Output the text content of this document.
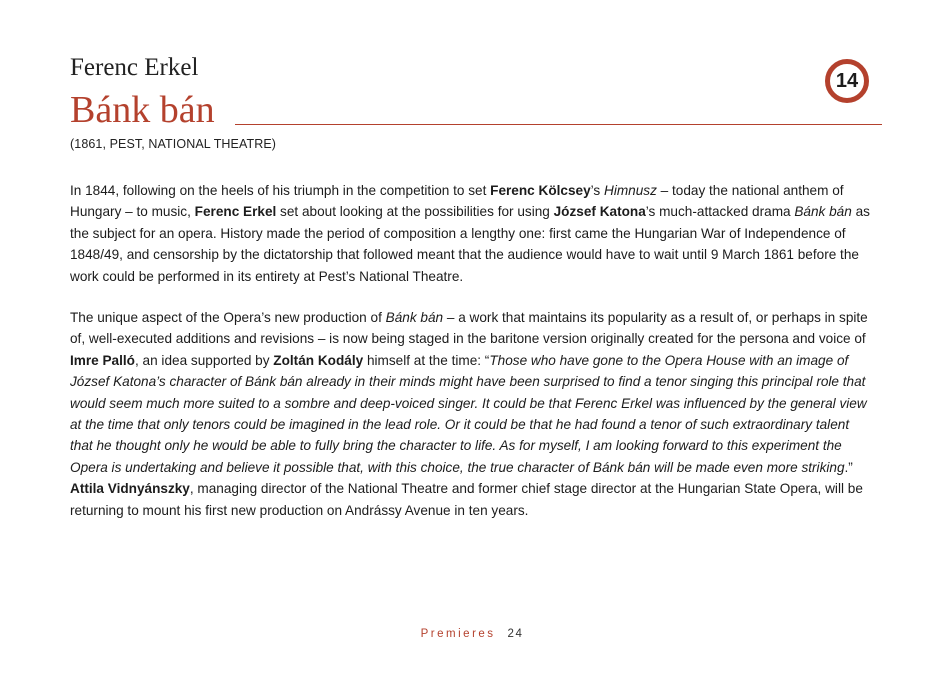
Ferenc Erkel
Bánk bán
14
(1861, PEST, NATIONAL THEATRE)

In 1844, following on the heels of his triumph in the competition to set Ferenc Kölcsey’s Himnusz – today the national anthem of Hungary – to music, Ferenc Erkel set about looking at the possibilities for using József Katona’s much-attacked drama Bánk bán as the subject for an opera. History made the period of composition a lengthy one: first came the Hungarian War of Independence of 1848/49, and censorship by the dictatorship that followed meant that the audience would have to wait until 9 March 1861 before the work could be performed in its entirety at Pest’s National Theatre.

The unique aspect of the Opera’s new production of Bánk bán – a work that maintains its popularity as a result of, or perhaps in spite of, well-executed additions and revisions – is now being staged in the baritone version originally created for the persona and voice of Imre Palló, an idea supported by Zoltán Kodály himself at the time: “Those who have gone to the Opera House with an image of József Katona’s character of Bánk bán already in their minds might have been surprised to find a tenor singing this principal role that would seem much more suited to a sombre and deep-voiced singer. It could be that Ferenc Erkel was influenced by the general view at the time that only tenors could be imagined in the lead role. Or it could be that he had found a tenor of such extraordinary talent that he thought only he would be able to fully bring the character to life. As for myself, I am looking forward to this experiment the Opera is undertaking and believe it possible that, with this choice, the true character of Bánk bán will be made even more striking.” Attila Vidnyánszky, managing director of the National Theatre and former chief stage director at the Hungarian State Opera, will be returning to mount his first new production on Andrássy Avenue in ten years.

Premieres 24
